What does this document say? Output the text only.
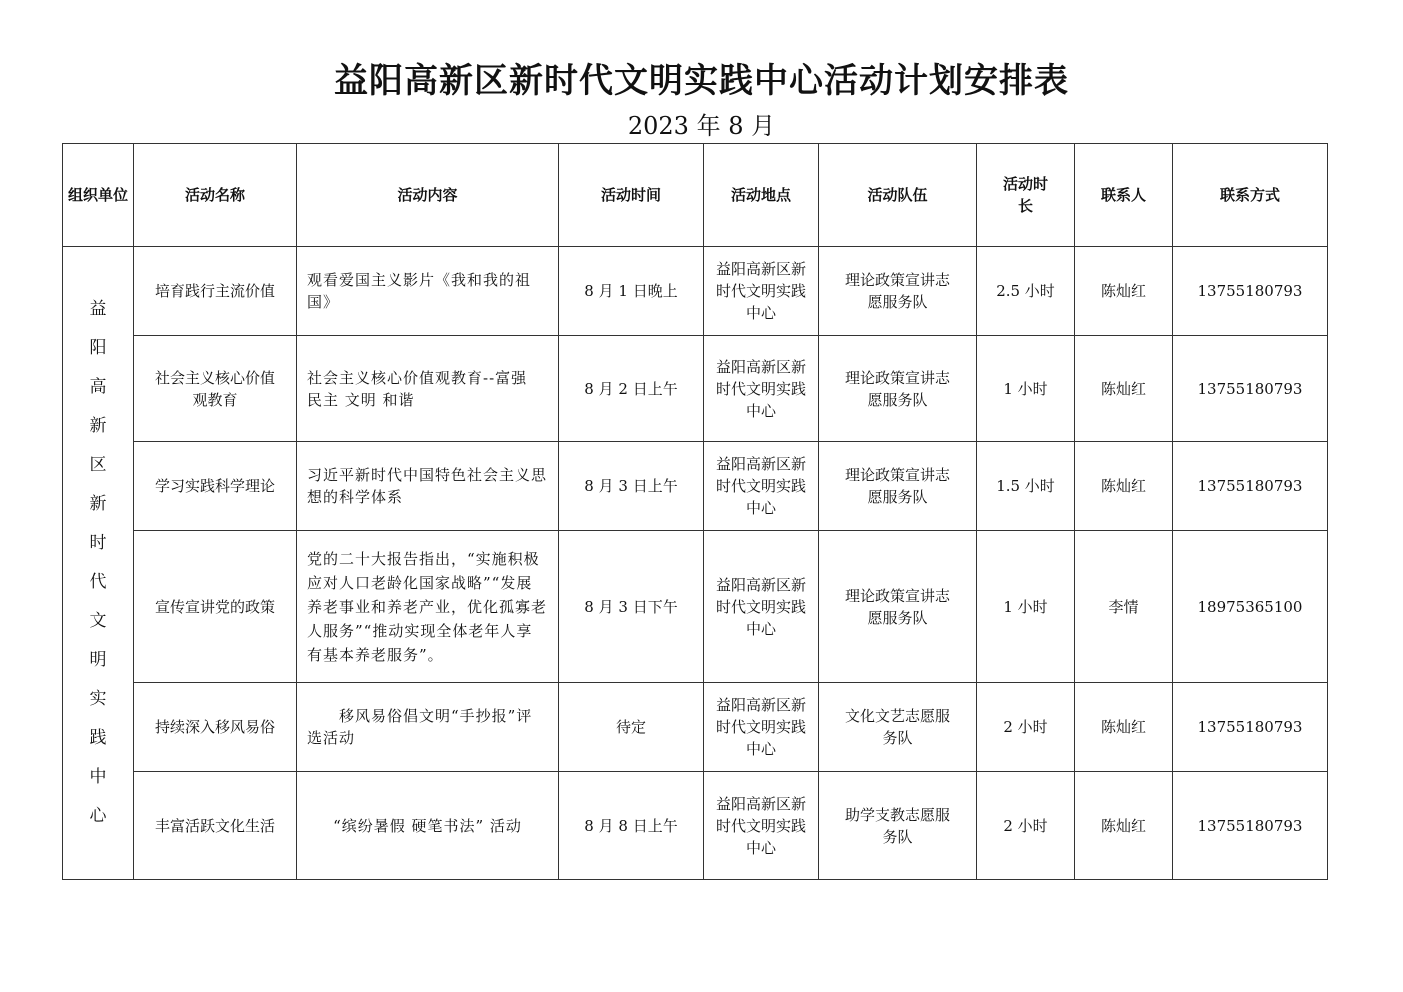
益阳高新区新时代文明实践中心活动计划安排表
2023 年 8 月
组织单位	活动名称	活动内容	活动时间	活动地点	活动队伍	活动时长	联系人	联系方式
益阳高新区新时代文明实践中心	培育践行主流价值	观看爱国主义影片《我和我的祖国》	8 月 1 日晚上	益阳高新区新时代文明实践中心	理论政策宣讲志愿服务队	2.5 小时	陈灿红	13755180793
	社会主义核心价值观教育	社会主义核心价值观教育--富强 民主 文明 和谐	8 月 2 日上午	益阳高新区新时代文明实践中心	理论政策宣讲志愿服务队	1 小时	陈灿红	13755180793
	学习实践科学理论	习近平新时代中国特色社会主义思想的科学体系	8 月 3 日上午	益阳高新区新时代文明实践中心	理论政策宣讲志愿服务队	1.5 小时	陈灿红	13755180793
	宣传宣讲党的政策	党的二十大报告指出，“实施积极应对人口老龄化国家战略”“发展养老事业和养老产业，优化孤寡老人服务”“推动实现全体老年人享有基本养老服务”。	8 月 3 日下午	益阳高新区新时代文明实践中心	理论政策宣讲志愿服务队	1 小时	李情	18975365100
	持续深入移风易俗	移风易俗倡文明“手抄报”评选活动	待定	益阳高新区新时代文明实践中心	文化文艺志愿服务队	2 小时	陈灿红	13755180793
	丰富活跃文化生活	“缤纷暑假 硬笔书法” 活动	8 月 8 日上午	益阳高新区新时代文明实践中心	助学支教志愿服务队	2 小时	陈灿红	13755180793
